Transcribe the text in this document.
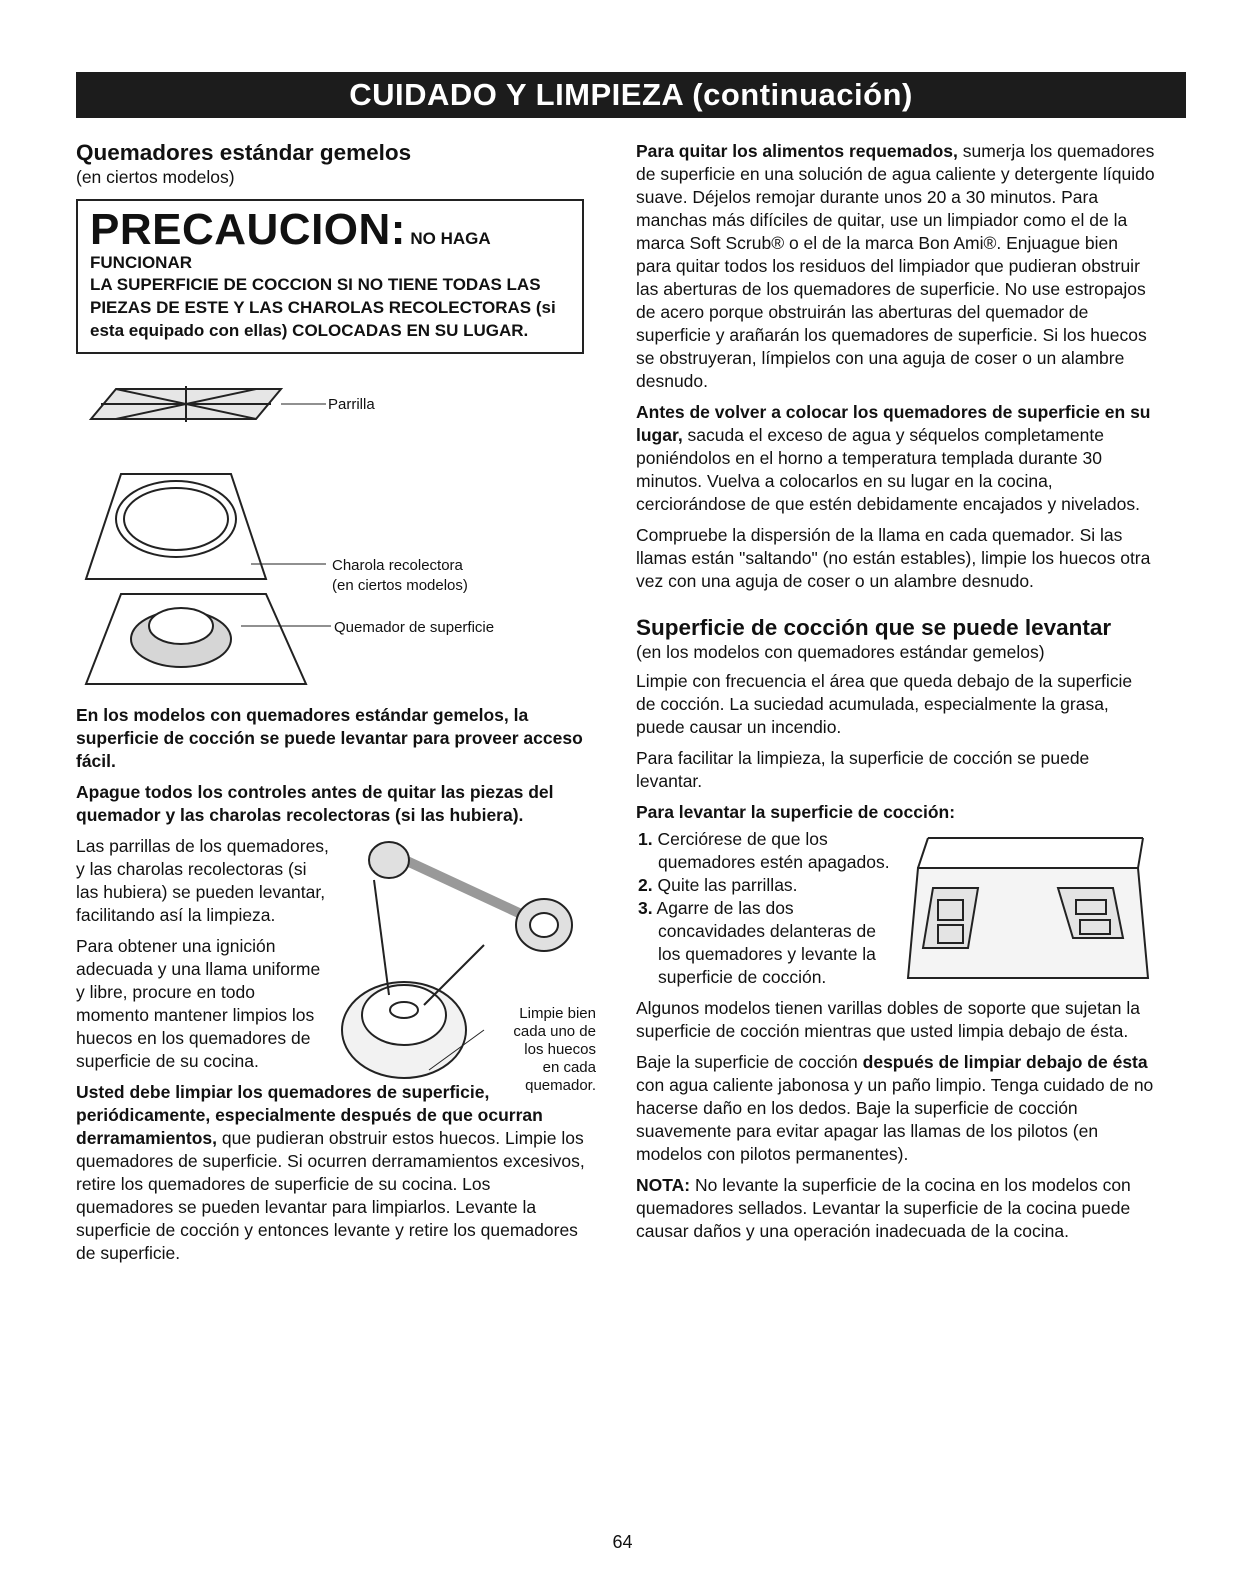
CUIDADO Y LIMPIEZA (continuación)
Quemadores estándar gemelos
(en ciertos modelos)
PRECAUCION: NO HAGA FUNCIONAR
LA SUPERFICIE DE COCCION SI NO TIENE TODAS LAS PIEZAS DE ESTE Y LAS CHAROLAS RECOLECTORAS (si esta equipado con ellas) COLOCADAS EN SU LUGAR.
Parrilla
Charola recolectora
(en ciertos modelos)
Quemador de superficie

En los modelos con quemadores estándar gemelos, la superficie de cocción se puede levantar para proveer acceso fácil.

Apague todos los controles antes de quitar las piezas del quemador y las charolas recolectoras (si las hubiera).

Las parrillas de los quemadores, y las charolas recolectoras (si las hubiera) se pueden levantar, facilitando así la limpieza.

Para obtener una ignición adecuada y una llama uniforme y libre, procure en todo momento mantener limpios los huecos en los quemadores de superficie de su cocina.

Limpie bien cada uno de los huecos en cada quemador.

Usted debe limpiar los quemadores de superficie, periódicamente, especialmente después de que ocurran derramamientos, que pudieran obstruir estos huecos. Limpie los quemadores de superficie. Si ocurren derramamientos excesivos, retire los quemadores de superficie de su cocina. Los quemadores se pueden levantar para limpiarlos. Levante la superficie de cocción y entonces levante y retire los quemadores de superficie.

Para quitar los alimentos requemados, sumerja los quemadores de superficie en una solución de agua caliente y detergente líquido suave. Déjelos remojar durante unos 20 a 30 minutos. Para manchas más difíciles de quitar, use un limpiador como el de la marca Soft Scrub® o el de la marca Bon Ami®. Enjuague bien para quitar todos los residuos del limpiador que pudieran obstruir las aberturas de los quemadores de superficie. No use estropajos de acero porque obstruirán las aberturas del quemador de superficie y arañarán los quemadores de superficie. Si los huecos se obstruyeran, límpielos con una aguja de coser o un alambre desnudo.

Antes de volver a colocar los quemadores de superficie en su lugar, sacuda el exceso de agua y séquelos completamente poniéndolos en el horno a temperatura templada durante 30 minutos. Vuelva a colocarlos en su lugar en la cocina, cerciorándose de que estén debidamente encajados y nivelados.

Compruebe la dispersión de la llama en cada quemador. Si las llamas están "saltando" (no están estables), limpie los huecos otra vez con una aguja de coser o un alambre desnudo.

Superficie de cocción que se puede levantar
(en los modelos con quemadores estándar gemelos)

Limpie con frecuencia el área que queda debajo de la superficie de cocción. La suciedad acumulada, especialmente la grasa, puede causar un incendio.

Para facilitar la limpieza, la superficie de cocción se puede levantar.

Para levantar la superficie de cocción:

1. Cerciórese de que los quemadores estén apagados.
2. Quite las parrillas.
3. Agarre de las dos concavidades delanteras de los quemadores y levante la superficie de cocción.

Algunos modelos tienen varillas dobles de soporte que sujetan la superficie de cocción mientras que usted limpia debajo de ésta.

Baje la superficie de cocción después de limpiar debajo de ésta con agua caliente jabonosa y un paño limpio. Tenga cuidado de no hacerse daño en los dedos. Baje la superficie de cocción suavemente para evitar apagar las llamas de los pilotos (en modelos con pilotos permanentes).

NOTA: No levante la superficie de la cocina en los modelos con quemadores sellados. Levantar la superficie de la cocina puede causar daños y una operación inadecuada de la cocina.

64
